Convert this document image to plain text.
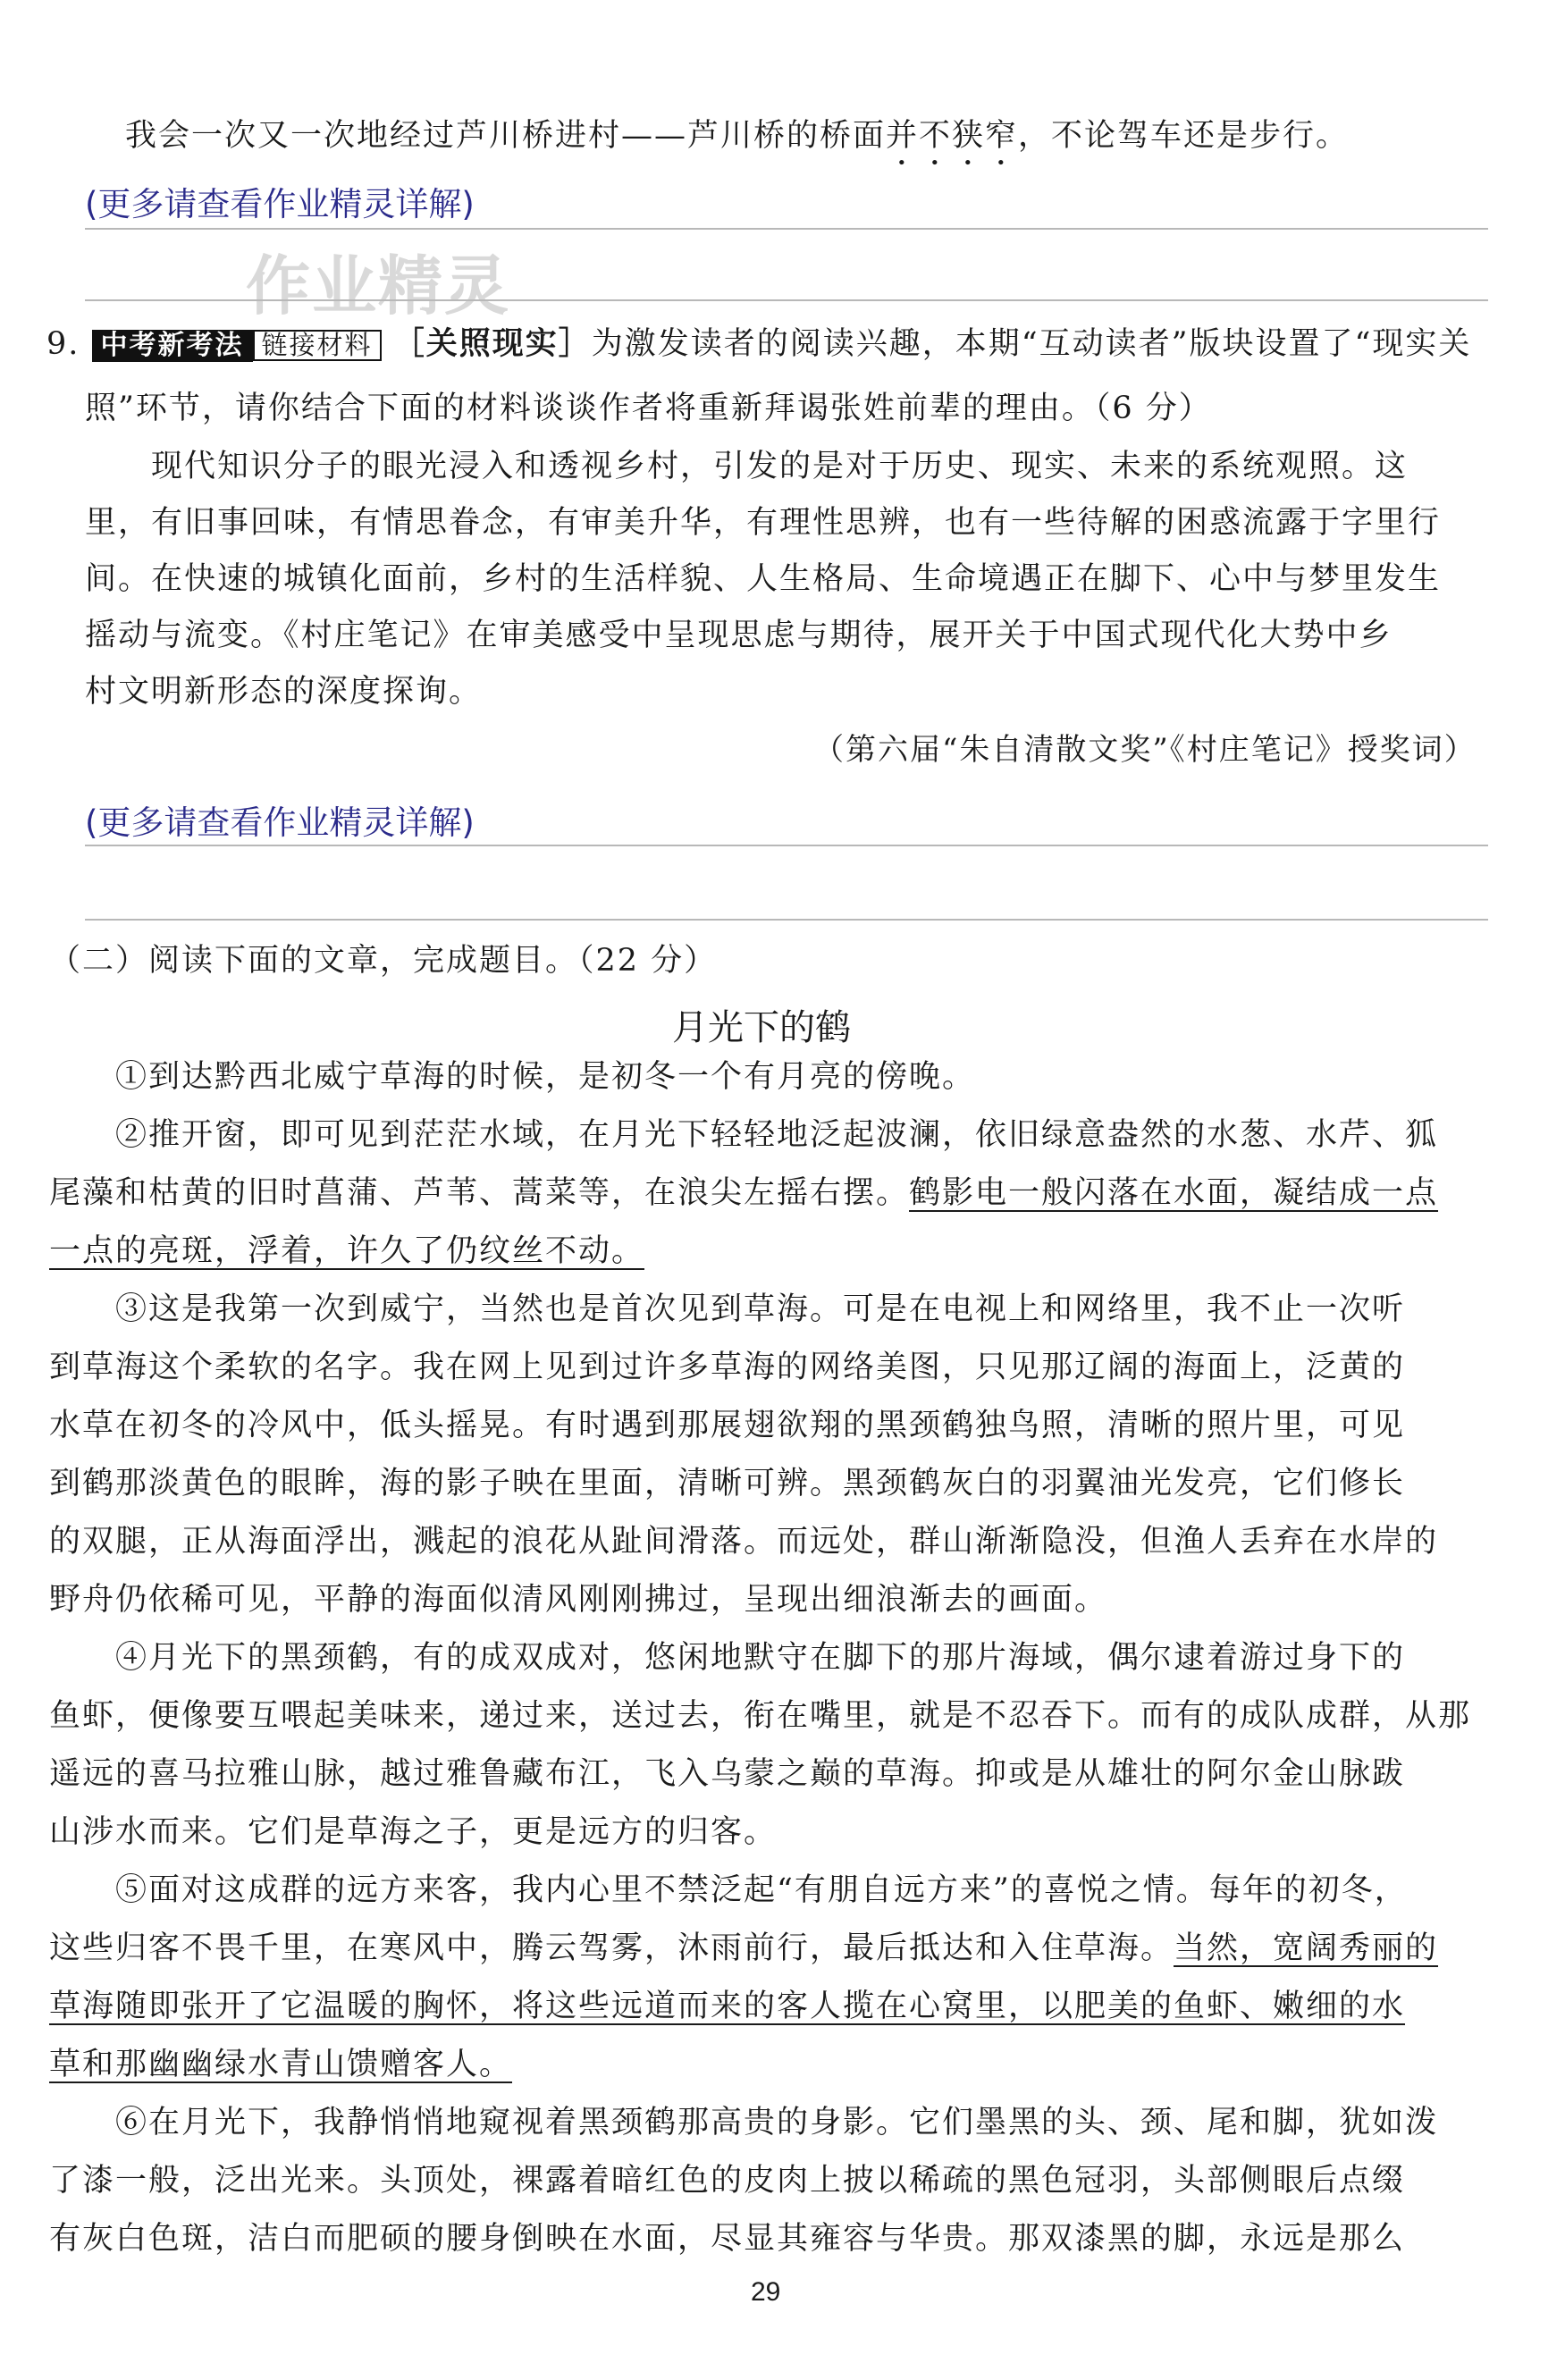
我会一次又一次地经过芦川桥进村——芦川桥的桥面并不狭窄，不论驾车还是步行。
(更多请查看作业精灵详解)
作业精灵
9. 中考新考法 链接材料 ［关照现实］为激发读者的阅读兴趣，本期“互动读者”版块设置了“现实关
照”环节，请你结合下面的材料谈谈作者将重新拜谒张姓前辈的理由。（6 分）
　　现代知识分子的眼光浸入和透视乡村，引发的是对于历史、现实、未来的系统观照。这
里，有旧事回味，有情思眷念，有审美升华，有理性思辨，也有一些待解的困惑流露于字里行
间。在快速的城镇化面前，乡村的生活样貌、人生格局、生命境遇正在脚下、心中与梦里发生
摇动与流变。《村庄笔记》在审美感受中呈现思虑与期待，展开关于中国式现代化大势中乡
村文明新形态的深度探询。
（第六届“朱自清散文奖”《村庄笔记》授奖词）
(更多请查看作业精灵详解)
（二）阅读下面的文章，完成题目。（22 分）
月光下的鹤
　　①到达黔西北威宁草海的时候，是初冬一个有月亮的傍晚。
　　②推开窗，即可见到茫茫水域，在月光下轻轻地泛起波澜，依旧绿意盎然的水葱、水芹、狐
尾藻和枯黄的旧时菖蒲、芦苇、蒿菜等，在浪尖左摇右摆。鹤影电一般闪落在水面，凝结成一点
一点的亮斑，浮着，许久了仍纹丝不动。
　　③这是我第一次到威宁，当然也是首次见到草海。可是在电视上和网络里，我不止一次听
到草海这个柔软的名字。我在网上见到过许多草海的网络美图，只见那辽阔的海面上，泛黄的
水草在初冬的冷风中，低头摇晃。有时遇到那展翅欲翔的黑颈鹤独鸟照，清晰的照片里，可见
到鹤那淡黄色的眼眸，海的影子映在里面，清晰可辨。黑颈鹤灰白的羽翼油光发亮，它们修长
的双腿，正从海面浮出，溅起的浪花从趾间滑落。而远处，群山渐渐隐没，但渔人丢弃在水岸的
野舟仍依稀可见，平静的海面似清风刚刚拂过，呈现出细浪渐去的画面。
　　④月光下的黑颈鹤，有的成双成对，悠闲地默守在脚下的那片海域，偶尔逮着游过身下的
鱼虾，便像要互喂起美味来，递过来，送过去，衔在嘴里，就是不忍吞下。而有的成队成群，从那
遥远的喜马拉雅山脉，越过雅鲁藏布江，飞入乌蒙之巅的草海。抑或是从雄壮的阿尔金山脉跋
山涉水而来。它们是草海之子，更是远方的归客。
　　⑤面对这成群的远方来客，我内心里不禁泛起“有朋自远方来”的喜悦之情。每年的初冬，
这些归客不畏千里，在寒风中，腾云驾雾，沐雨前行，最后抵达和入住草海。当然，宽阔秀丽的
草海随即张开了它温暖的胸怀，将这些远道而来的客人揽在心窝里，以肥美的鱼虾、嫩细的水
草和那幽幽绿水青山馈赠客人。
　　⑥在月光下，我静悄悄地窥视着黑颈鹤那高贵的身影。它们墨黑的头、颈、尾和脚，犹如泼
了漆一般，泛出光来。头顶处，裸露着暗红色的皮肉上披以稀疏的黑色冠羽，头部侧眼后点缀
有灰白色斑，洁白而肥硕的腰身倒映在水面，尽显其雍容与华贵。那双漆黑的脚，永远是那么
29
